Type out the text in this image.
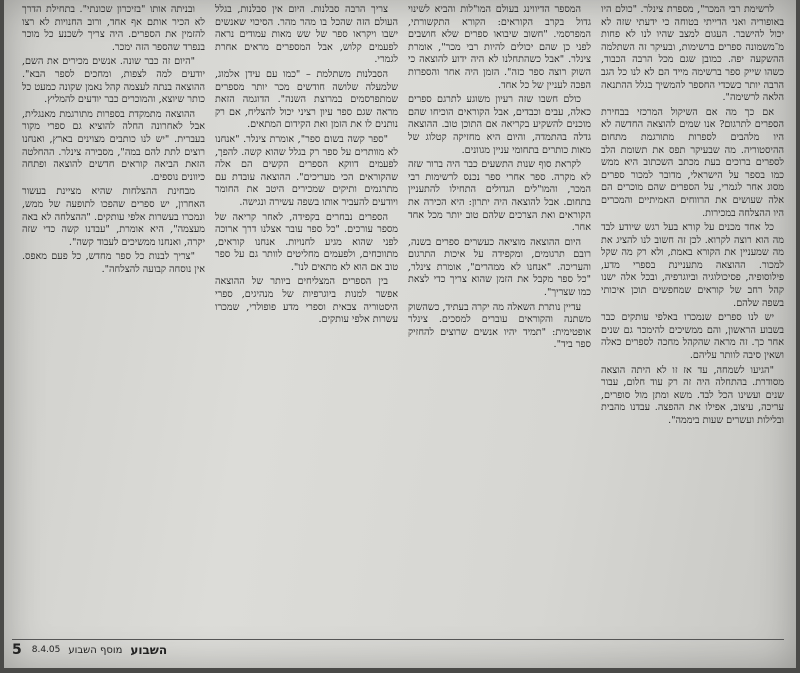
לרשימת רבי המכר", מספרת צינלר. "כולם היו באופוריה ואני הדייתי בטוחה כי ידעתי שזה לא יכול להישבר. העגום למצב שהיו לנו לא פחות מ־משמונה ספרים ברשימות, ובעיקר זה השתלמה ההשקעה יפה. כמובן שגם מכל הרבה הכבוד, כשהו שייק ספר ברשימה מייד הם לא לנו כל הגב הרבה יותר כשכדי החספר להמשיך בגלל ההתנאה הלאה לרשימה".

אם כך מה אם השיקול המרכזי בבחירת הספרים לתרגום? אנו שמים להוצאה החדשה לא היו מלהבים לספרות מתורגמת מתחום ההיסטוריה. מה שבעיקר תפס את תשומת הלב לספרים ברוכים בעת מכתב השכתוב היא ממש כמו בספר על הישראלי, מדובר למכור ספרים מסוג אחר לגמרי, על הספרים שהם מוכרים הם אלה שעושים את הרווחים האמיתיים והמכרים היו ההצלחה במכירות.

כל אחד מכנים על קורא בעל רגש שיודע לבד מה הוא רוצה לקרוא. לכן זה חשוב לנו להציג את מה שמעניין את הקורא באמת, ולא רק מה שקל למכור. ההוצאה מתעניינת בספרי מדע, פילוסופיה, פסיכולוגיה וביוגרפיה, ובכל אלה ישנו קהל רחב של קוראים שמחפשים תוכן איכותי בשפה שלהם.

יש לנו ספרים שנמכרו באלפי עותקים כבר בשבוע הראשון, והם ממשיכים להימכר גם שנים אחר כך. זה מראה שהקהל מחכה לספרים כאלה ושאין סיבה לוותר עליהם.

"הגיעו לשמחה, עד אז זו לא היתה הוצאה מסודרת. בהתחלה היה זה רק עוד חלום, עבור שנים ועשינו הכל לבד. משא ומתן מול סופרים, עריכה, עיצוב, אפילו את ההפצה. עבדנו מהבית ובלילות ועשרים שעות ביממה".

המספר הדיווינג בעולם המו"לות והביא לשינוי גדול בקרב הקוראים: הקורא התקשורתי, המפרסמי. "חשוב שיבואו ספרים שלא חושבים לפני כן שהם יכולים להיות רבי מכר", אומרת צינלר. "אבל כשהתחלנו לא היה ידוע להוצאה כי השוק רוצה ספר כזה". הזמן היה אחר והספרות הפכה לעניין של כל אחד.

כולם חשבו שזה רעיון משוגע לתרגם ספרים כאלה, עבים וכבדים, אבל הקוראים הוכיחו שהם מוכנים להשקיע בקריאה אם התוכן טוב. ההוצאה גדלה בהתמדה, והיום היא מחזיקה קטלוג של מאות כותרים בתחומי עניין מגוונים.

לקראת סוף שנות התשעים כבר היה ברור שזה לא מקרה. ספר אחרי ספר נכנס לרשימות רבי המכר, והמו"לים הגדולים התחילו להתעניין בתחום. אבל להוצאה היה יתרון: היא הכירה את הקוראים ואת הצרכים שלהם טוב יותר מכל אחד אחר.

היום ההוצאה מוציאה כעשרים ספרים בשנה, רובם תרגומים, ומקפידה על איכות התרגום והעריכה. "אנחנו לא ממהרים", אומרת צינלר, "כל ספר מקבל את הזמן שהוא צריך כדי לצאת כמו שצריך".

עדיין נותרת השאלה מה יקרה בעתיד, כשהשוק משתנה והקוראים עוברים למסכים. צינלר אופטימית: "תמיד יהיו אנשים שרוצים להחזיק ספר ביד".

צריך הרבה סבלנות. היום אין סבלנות, בגלל העולם הזה שהכל בו מהר מהר. הסיכוי שאנשים ישבו ויקראו ספר של שש מאות עמודים נראה לפעמים קלוש, אבל המספרים מראים אחרת לגמרי.

הסבלנות משתלמת – "כמו עם עידן אלמוג, שלמעלה שלושה חודשים מכר יותר מספרים שמתפרסמים במרוצת השנה". הדוגמה הזאת מראה שגם ספר עיון רציני יכול להצליח, אם רק נותנים לו את הזמן ואת הקידום המתאים.

"ספר קשה בשום ספר", אומרת צינלר. "אנחנו לא מוותרים על ספר רק בגלל שהוא קשה. להפך, לפעמים דווקא הספרים הקשים הם אלה שהקוראים הכי מעריכים". ההוצאה עובדת עם מתרגמים ותיקים שמכירים היטב את החומר ויודעים להעביר אותו בשפה עשירה ונגישה.

הספרים נבחרים בקפידה, לאחר קריאה של מספר עורכים. "כל ספר עובר אצלנו דרך ארוכה לפני שהוא מגיע לחנויות. אנחנו קוראים, מתווכחים, ולפעמים מחליטים לוותר גם על ספר טוב אם הוא לא מתאים לנו".

בין הספרים המצליחים ביותר של ההוצאה אפשר למנות ביוגרפיות של מנהיגים, ספרי היסטוריה צבאית וספרי מדע פופולרי, שמכרו עשרות אלפי עותקים.

ובניתה אותו "בזיכרון שכונתי". בתחילת הדרך לא הכיר אותם אף אחד, ורוב החנויות לא רצו להזמין את הספרים. היה צריך לשכנע כל מוכר בנפרד שהספר הזה ימכר.

"היום זה כבר שונה. אנשים מכירים את השם, יודעים למה לצפות, ומחכים לספר הבא". ההוצאה בנתה לעצמה קהל נאמן שקונה כמעט כל כותר שיוצא, והמוכרים כבר יודעים להמליץ.

ההוצאה מתמקדת בספרות מתורגמת מאנגלית, אבל לאחרונה החלה להוציא גם ספרי מקור בעברית. "יש לנו כותבים מצוינים בארץ, ואנחנו רוצים לתת להם במה", מסבירה צינלר. ההחלטה הזאת הביאה קוראים חדשים להוצאה ופתחה כיוונים נוספים.

מבחינת ההצלחות שהיא מציינת בעשור האחרון, יש ספרים שהפכו לתופעה של ממש, ונמכרו בעשרות אלפי עותקים. "ההצלחה לא באה מעצמה", היא אומרת, "עבדנו קשה כדי שזה יקרה, ואנחנו ממשיכים לעבוד קשה".

"צריך לבנות כל ספר מחדש, כל פעם מאפס. אין נוסחה קבועה להצלחה".

5 8.4.05 מוסף השבוע השבוע
